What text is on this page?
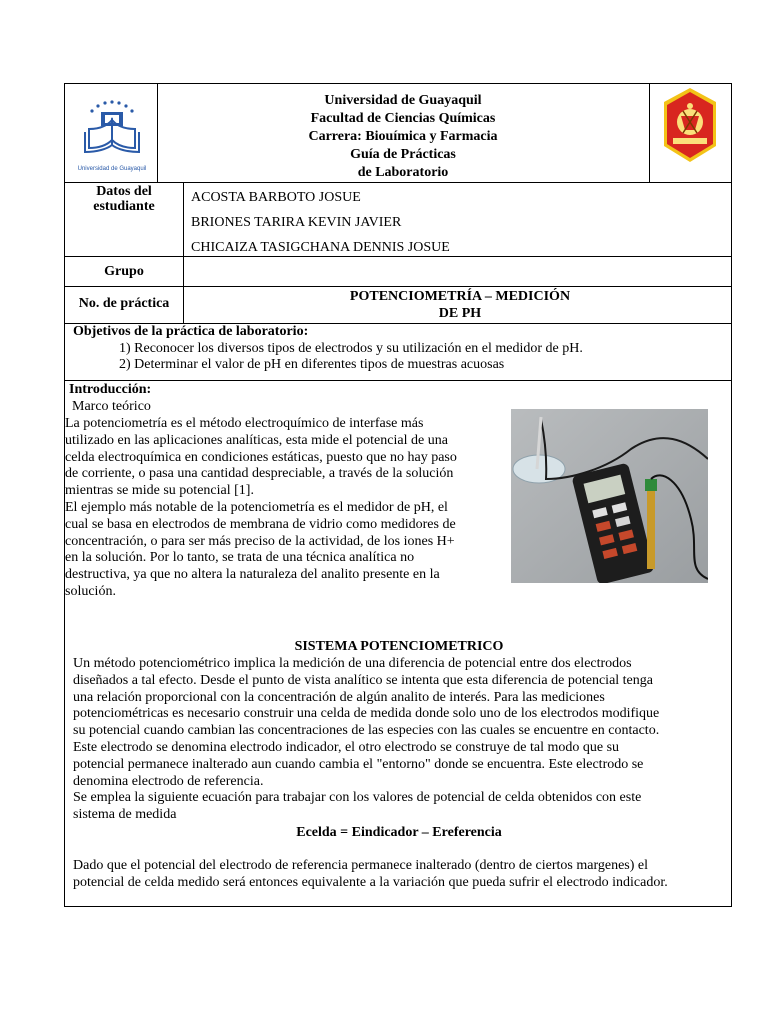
Universidad de Guayaquil
Universidad de Guayaquil
Facultad de Ciencias Químicas
Carrera: Biouímica y Farmacia
Guía de Prácticas
de Laboratorio
Datos del estudiante
ACOSTA BARBOTO JOSUE
BRIONES TARIRA KEVIN JAVIER
CHICAIZA TASIGCHANA DENNIS JOSUE
Grupo
No. de práctica	POTENCIOMETRÍA – MEDICIÓN
DE PH
Objetivos de la práctica de laboratorio:
1) Reconocer los diversos tipos de electrodos y su utilización en el medidor de pH.
2) Determinar el valor de pH en diferentes tipos de muestras acuosas
Introducción:
Marco teórico
La potenciometría es el método electroquímico de interfase más
utilizado en las aplicaciones analíticas, esta mide el potencial de una
celda electroquímica en condiciones estáticas, puesto que no hay paso
de corriente, o pasa una cantidad despreciable, a través de la solución
mientras se mide su potencial [1].
El ejemplo más notable de la potenciometría es el medidor de pH, el
cual se basa en electrodos de membrana de vidrio como medidores de
concentración, o para ser más preciso de la actividad, de los iones H+
en la solución. Por lo tanto, se trata de una técnica analítica no
destructiva, ya que no altera la naturaleza del analito presente en la
solución.
SISTEMA POTENCIOMETRICO
Un método potenciométrico implica la medición de una diferencia de potencial entre dos electrodos
diseñados a tal efecto. Desde el punto de vista analítico se intenta que esta diferencia de potencial tenga
una relación proporcional con la concentración de algún analito de interés. Para las mediciones
potenciométricas es necesario construir una celda de medida donde solo uno de los electrodos modifique
su potencial cuando cambian las concentraciones de las especies con las cuales se encuentre en contacto.
Este electrodo se denomina electrodo indicador, el otro electrodo se construye de tal modo que su
potencial permanece inalterado aun cuando cambia el "entorno" donde se encuentra. Este electrodo se
denomina electrodo de referencia.
Se emplea la siguiente ecuación para trabajar con los valores de potencial de celda obtenidos con este
sistema de medida
Ecelda = Eindicador – Ereferencia
Dado que el potencial del electrodo de referencia permanece inalterado (dentro de ciertos margenes) el
potencial de celda medido será entonces equivalente a la variación que pueda sufrir el electrodo indicador.
